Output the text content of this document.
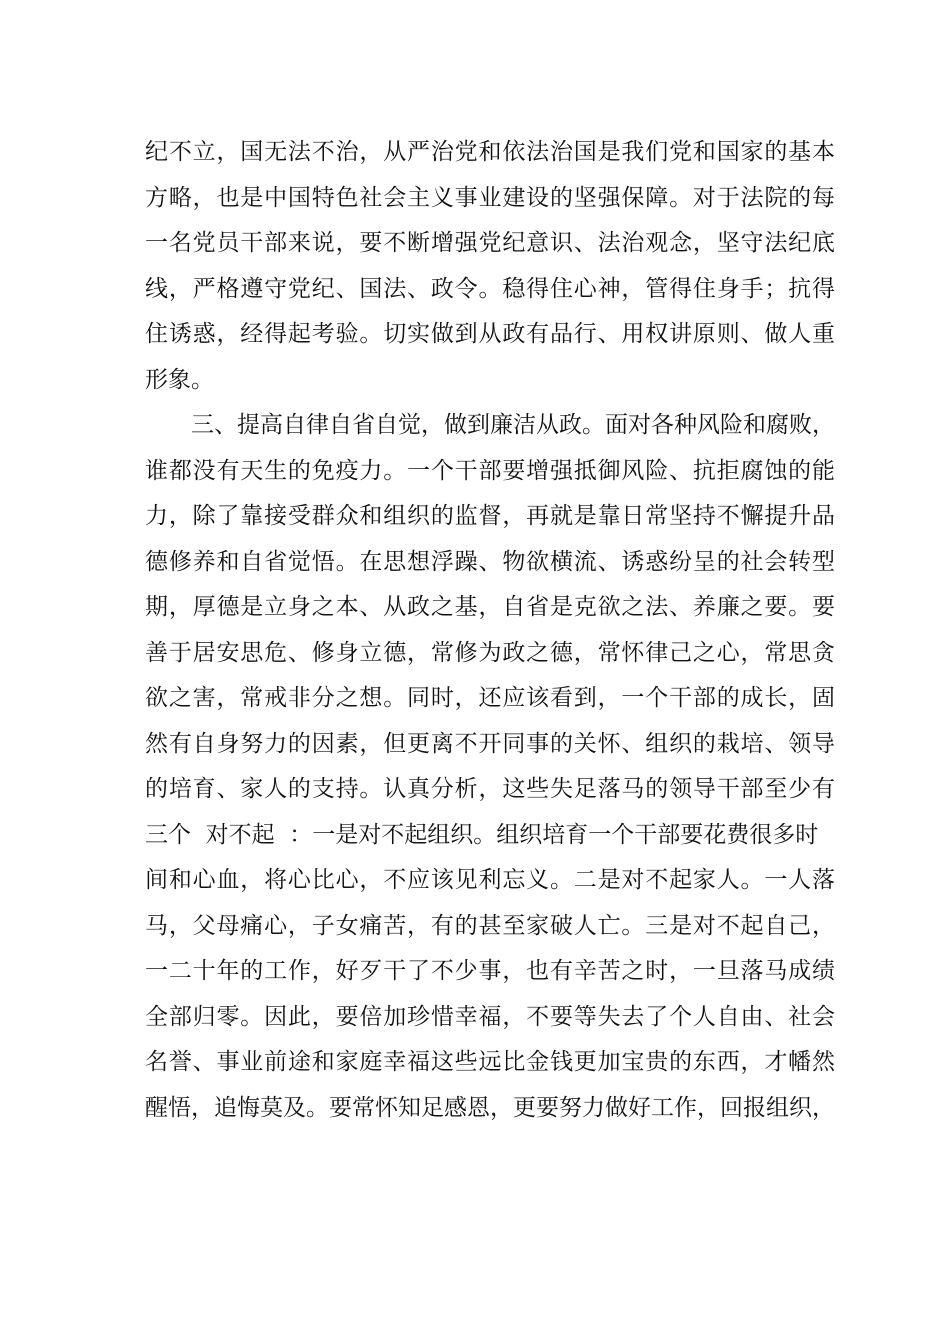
纪不立，国无法不治，从严治党和依法治国是我们党和国家的基本
方略，也是中国特色社会主义事业建设的坚强保障。对于法院的每
一名党员干部来说，要不断增强党纪意识、法治观念，坚守法纪底
线，严格遵守党纪、国法、政令。稳得住心神，管得住身手；抗得
住诱惑，经得起考验。切实做到从政有品行、用权讲原则、做人重
形象。
　　三、提高自律自省自觉，做到廉洁从政。面对各种风险和腐败，
谁都没有天生的免疫力。一个干部要增强抵御风险、抗拒腐蚀的能
力，除了靠接受群众和组织的监督，再就是靠日常坚持不懈提升品
德修养和自省觉悟。在思想浮躁、物欲横流、诱惑纷呈的社会转型
期，厚德是立身之本、从政之基，自省是克欲之法、养廉之要。要
善于居安思危、修身立德，常修为政之德，常怀律己之心，常思贪
欲之害，常戒非分之想。同时，还应该看到，一个干部的成长，固
然有自身努力的因素，但更离不开同事的关怀、组织的栽培、领导
的培育、家人的支持。认真分析，这些失足落马的领导干部至少有
三个  对不起  ：一是对不起组织。组织培育一个干部要花费很多时
间和心血，将心比心，不应该见利忘义。二是对不起家人。一人落
马，父母痛心，子女痛苦，有的甚至家破人亡。三是对不起自己，
一二十年的工作，好歹干了不少事，也有辛苦之时，一旦落马成绩
全部归零。因此，要倍加珍惜幸福，不要等失去了个人自由、社会
名誉、事业前途和家庭幸福这些远比金钱更加宝贵的东西，才幡然
醒悟，追悔莫及。要常怀知足感恩，更要努力做好工作，回报组织，
